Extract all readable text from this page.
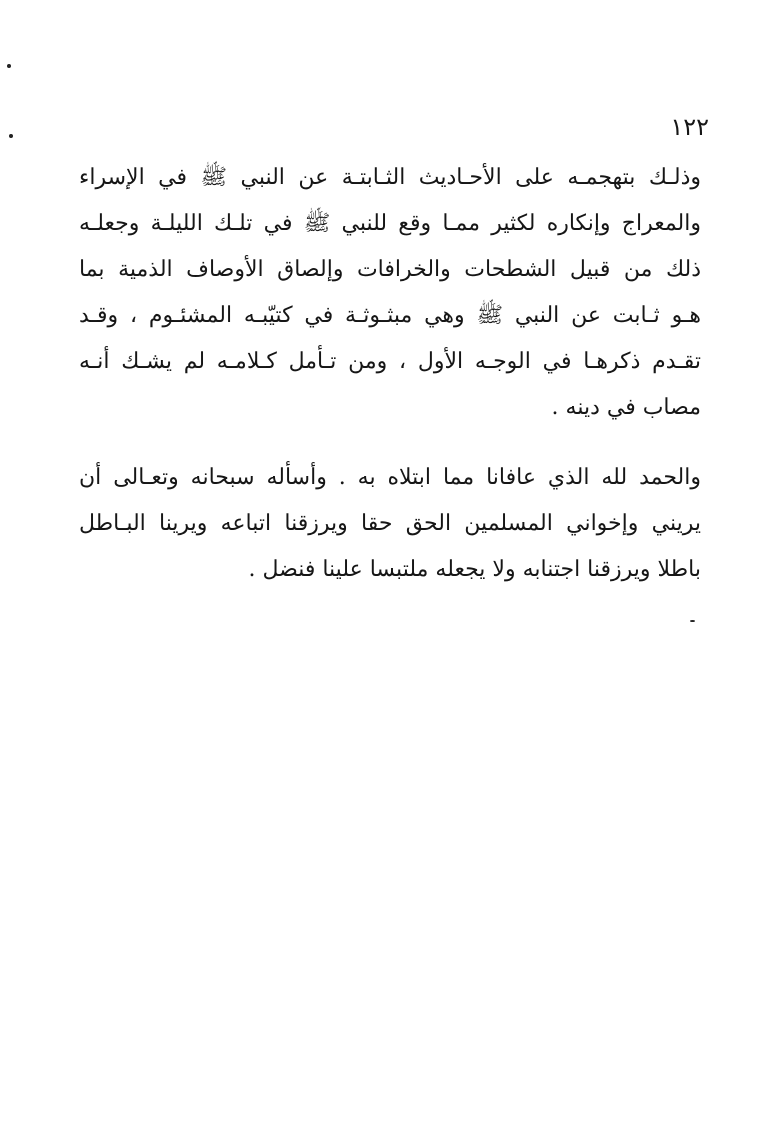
١٢٢
وذلـك بتهجمـه على الأحـاديث الثـابتـة عن النبي ﷺ في الإسراء
والمعراج وإنكاره لكثير ممـا وقع للنبي ﷺ في تلـك الليلـة وجعلـه
ذلك من قبيل الشطحات والخرافات وإلصاق الأوصاف الذمية بما
هـو ثـابت عن النبي ﷺ وهي مبثـوثـة في كتيّبـه المشئـوم ، وقـد
تقـدم ذكرهـا في الوجـه الأول ، ومن تـأمل كـلامـه لم يشـك أنـه
مصاب في دينه .
والحمد لله الذي عافانا مما ابتلاه به . وأسأله سبحانه وتعـالى أن
يريني وإخواني المسلمين الحق حقا ويرزقنا اتباعه ويرينا البـاطل
باطلا ويرزقنا اجتنابه ولا يجعله ملتبسا علينا فنضل .
